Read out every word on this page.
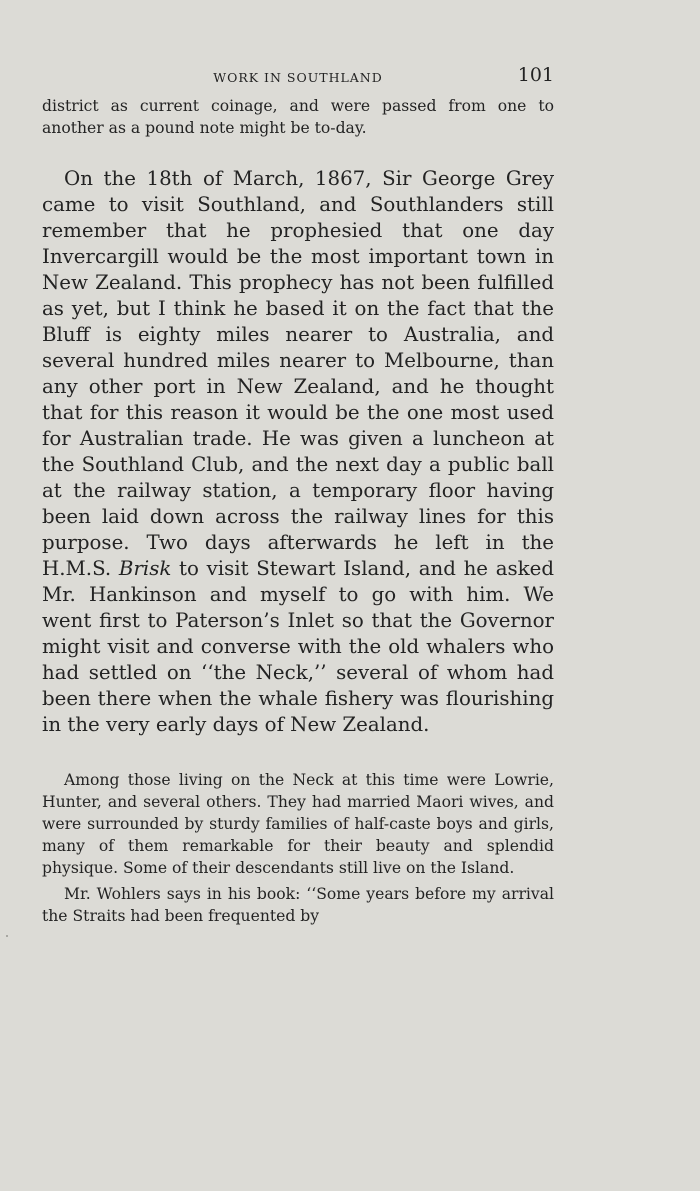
WORK IN SOUTHLAND	101

district as current coinage, and were passed from one to another as a pound note might be to-day.

On the 18th of March, 1867, Sir George Grey came to visit Southland, and Southlanders still remember that he prophesied that one day Invercargill would be the most important town in New Zealand. This prophecy has not been fulfilled as yet, but I think he based it on the fact that the Bluff is eighty miles nearer to Australia, and several hundred miles nearer to Melbourne, than any other port in New Zealand, and he thought that for this reason it would be the one most used for Australian trade. He was given a luncheon at the Southland Club, and the next day a public ball at the railway station, a temporary floor having been laid down across the railway lines for this purpose. Two days afterwards he left in the H.M.S. Brisk to visit Stewart Island, and he asked Mr. Hankinson and myself to go with him. We went first to Paterson’s Inlet so that the Governor might visit and converse with the old whalers who had settled on ‘‘the Neck,’’ several of whom had been there when the whale fishery was flourishing in the very early days of New Zealand.

Among those living on the Neck at this time were Lowrie, Hunter, and several others. They had married Maori wives, and were surrounded by sturdy families of half-caste boys and girls, many of them remarkable for their beauty and splendid physique. Some of their descendants still live on the Island.

Mr. Wohlers says in his book: ‘‘Some years before my arrival the Straits had been frequented by
